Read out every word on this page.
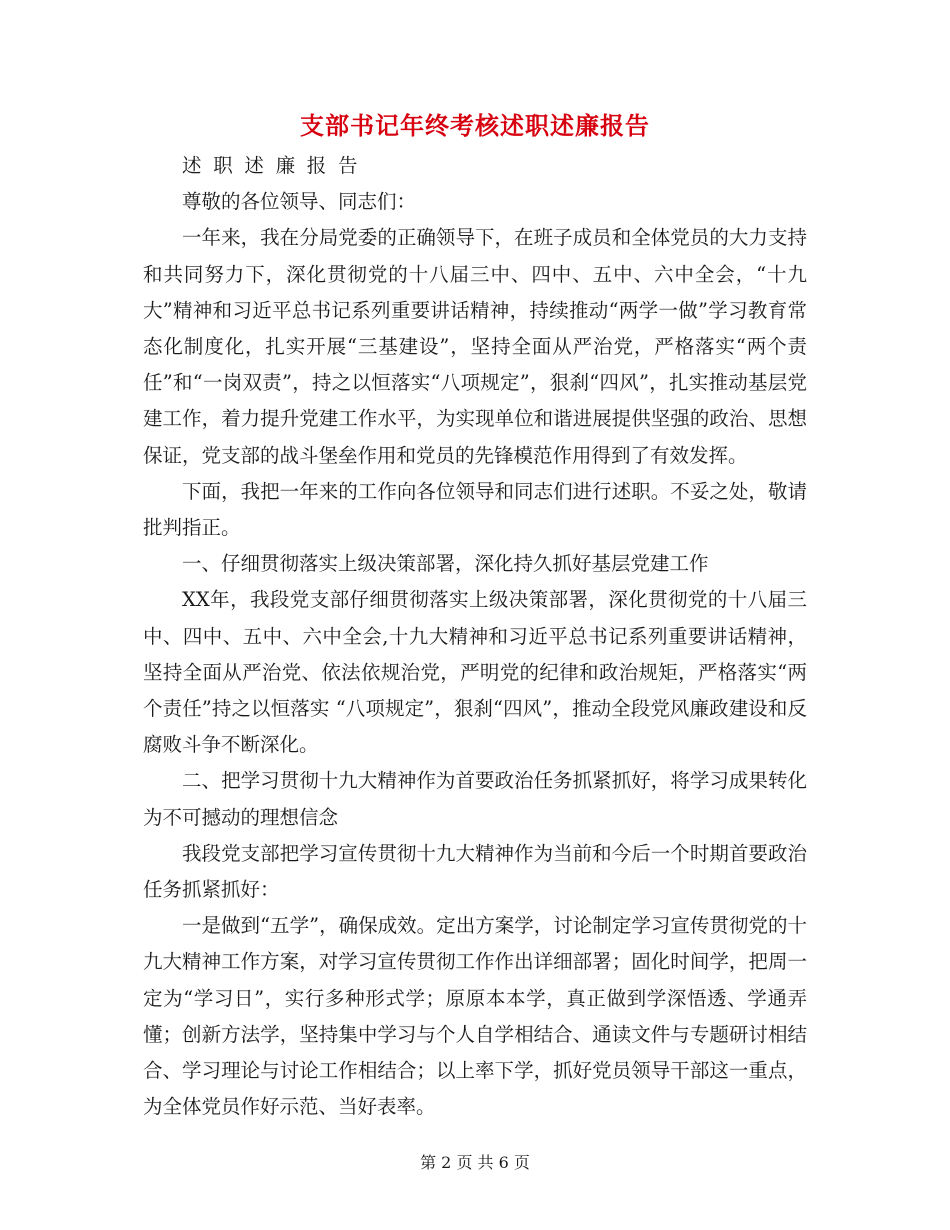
支部书记年终考核述职述廉报告

述职述廉报告

尊敬的各位领导、同志们：

一年来，我在分局党委的正确领导下，在班子成员和全体党员的大力支持和共同努力下，深化贯彻党的十八届三中、四中、五中、六中全会，“十九大”精神和习近平总书记系列重要讲话精神，持续推动“两学一做”学习教育常态化制度化，扎实开展“三基建设”，坚持全面从严治党，严格落实“两个责任”和“一岗双责”，持之以恒落实“八项规定”，狠刹“四风”，扎实推动基层党建工作，着力提升党建工作水平，为实现单位和谐进展提供坚强的政治、思想保证，党支部的战斗堡垒作用和党员的先锋模范作用得到了有效发挥。

下面，我把一年来的工作向各位领导和同志们进行述职。不妥之处，敬请批判指正。

一、仔细贯彻落实上级决策部署，深化持久抓好基层党建工作

XX年，我段党支部仔细贯彻落实上级决策部署，深化贯彻党的十八届三中、四中、五中、六中全会,十九大精神和习近平总书记系列重要讲话精神，坚持全面从严治党、依法依规治党，严明党的纪律和政治规矩，严格落实“两个责任”持之以恒落实 “八项规定”，狠刹“四风”，推动全段党风廉政建设和反腐败斗争不断深化。

二、把学习贯彻十九大精神作为首要政治任务抓紧抓好，将学习成果转化为不可撼动的理想信念

我段党支部把学习宣传贯彻十九大精神作为当前和今后一个时期首要政治任务抓紧抓好：

一是做到“五学”，确保成效。定出方案学，讨论制定学习宣传贯彻党的十九大精神工作方案，对学习宣传贯彻工作作出详细部署；固化时间学，把周一定为“学习日”，实行多种形式学；原原本本学，真正做到学深悟透、学通弄懂；创新方法学，坚持集中学习与个人自学相结合、通读文件与专题研讨相结合、学习理论与讨论工作相结合；以上率下学，抓好党员领导干部这一重点，为全体党员作好示范、当好表率。

第 2 页 共 6 页
